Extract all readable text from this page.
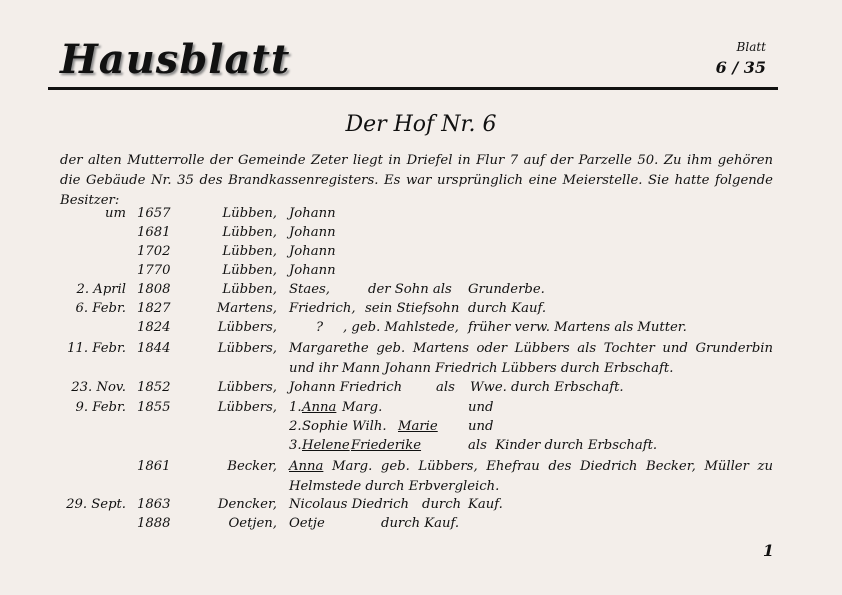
Hausblatt	Blatt
6 / 35
Der Hof Nr. 6
der alten Mutterrolle der Gemeinde Zeter liegt in Driefel in Flur 7 auf der Parzelle 50. Zu ihm gehören die Gebäude Nr. 35 des Brandkassenregisters. Es war ursprünglich eine Meierstelle. Sie hatte folgende Besitzer:
um 1657	Lübben, Johann
1681	Lübben, Johann
1702	Lübben, Johann
1770	Lübben, Johann
2. April 1808	Lübben, Staes,	der Sohn als Grunderbe.
6. Febr. 1827	Martens, Friedrich, sein Stiefsohn durch Kauf.
1824	Lübbers,	? , geb. Mahlstede, früher verw. Martens als Mutter.
11. Febr. 1844	Lübbers, Margarethe geb. Martens oder Lübbers als Tochter und Grunderbin und ihr Mann Johann Friedrich Lübbers durch Erbschaft.
23. Nov. 1852	Lübbers, Johann Friedrich	als Wwe. durch Erbschaft.
9. Febr. 1855	Lübbers, 1. Anna Marg.	und
2. Sophie Wilh. Marie und
3. Helene Friederike	als  Kinder durch Erbschaft.
1861	Becker, Anna Marg. geb. Lübbers, Ehefrau des Diedrich Becker, Müller zu Helmstede durch Erbvergleich.
29. Sept. 1863	Dencker, Nicolaus Diedrich durch Kauf.
1888	Oetjen, Oetje	durch Kauf.
1
